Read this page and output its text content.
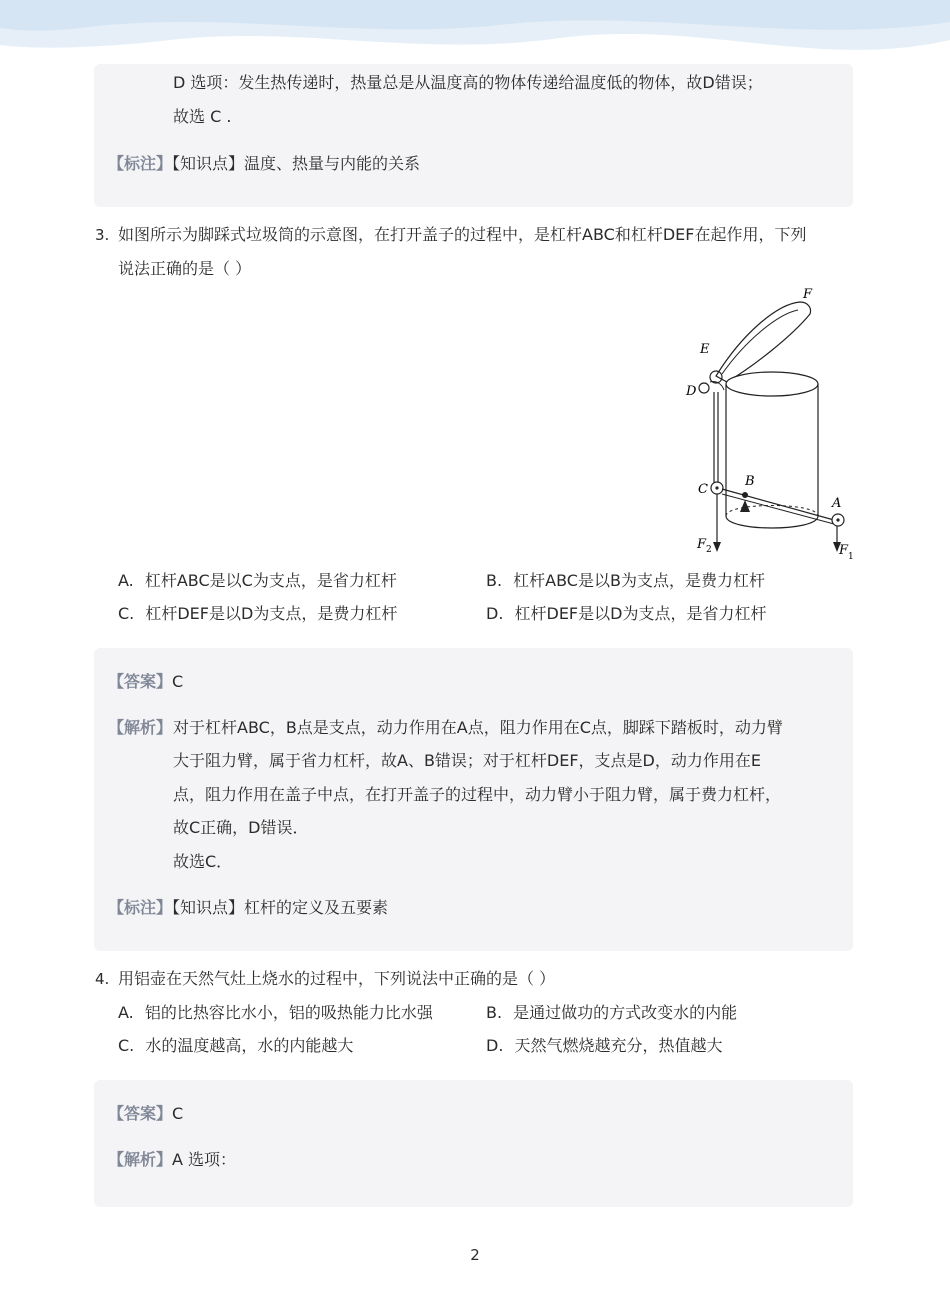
D 选项：发生热传递时，热量总是从温度高的物体传递给温度低的物体，故D错误；
故选 C .
【标注】【知识点】温度、热量与内能的关系
3. 如图所示为脚踩式垃圾筒的示意图，在打开盖子的过程中，是杠杆ABC和杠杆DEF在起作用，下列
说法正确的是（ ）
F
E
D
C
B
A
F 2	F 1
A. 杠杆ABC是以C为支点，是省力杠杆	B. 杠杆ABC是以B为支点，是费力杠杆
C. 杠杆DEF是以D为支点，是费力杠杆	D. 杠杆DEF是以D为支点，是省力杠杆
【答案】C
【解析】 对于杠杆ABC，B点是支点，动力作用在A点，阻力作用在C点，脚踩下踏板时，动力臂
大于阻力臂，属于省力杠杆，故A、B错误；对于杠杆DEF，支点是D，动力作用在E
点，阻力作用在盖子中点，在打开盖子的过程中，动力臂小于阻力臂，属于费力杠杆，
故C正确，D错误．
故选C．
【标注】【知识点】杠杆的定义及五要素
4. 用铝壶在天然气灶上烧水的过程中，下列说法中正确的是（ ）
A. 铝的比热容比水小，铝的吸热能力比水强	B. 是通过做功的方式改变水的内能
C. 水的温度越高，水的内能越大	D. 天然气燃烧越充分，热值越大
【答案】C
【解析】A 选项：
2
